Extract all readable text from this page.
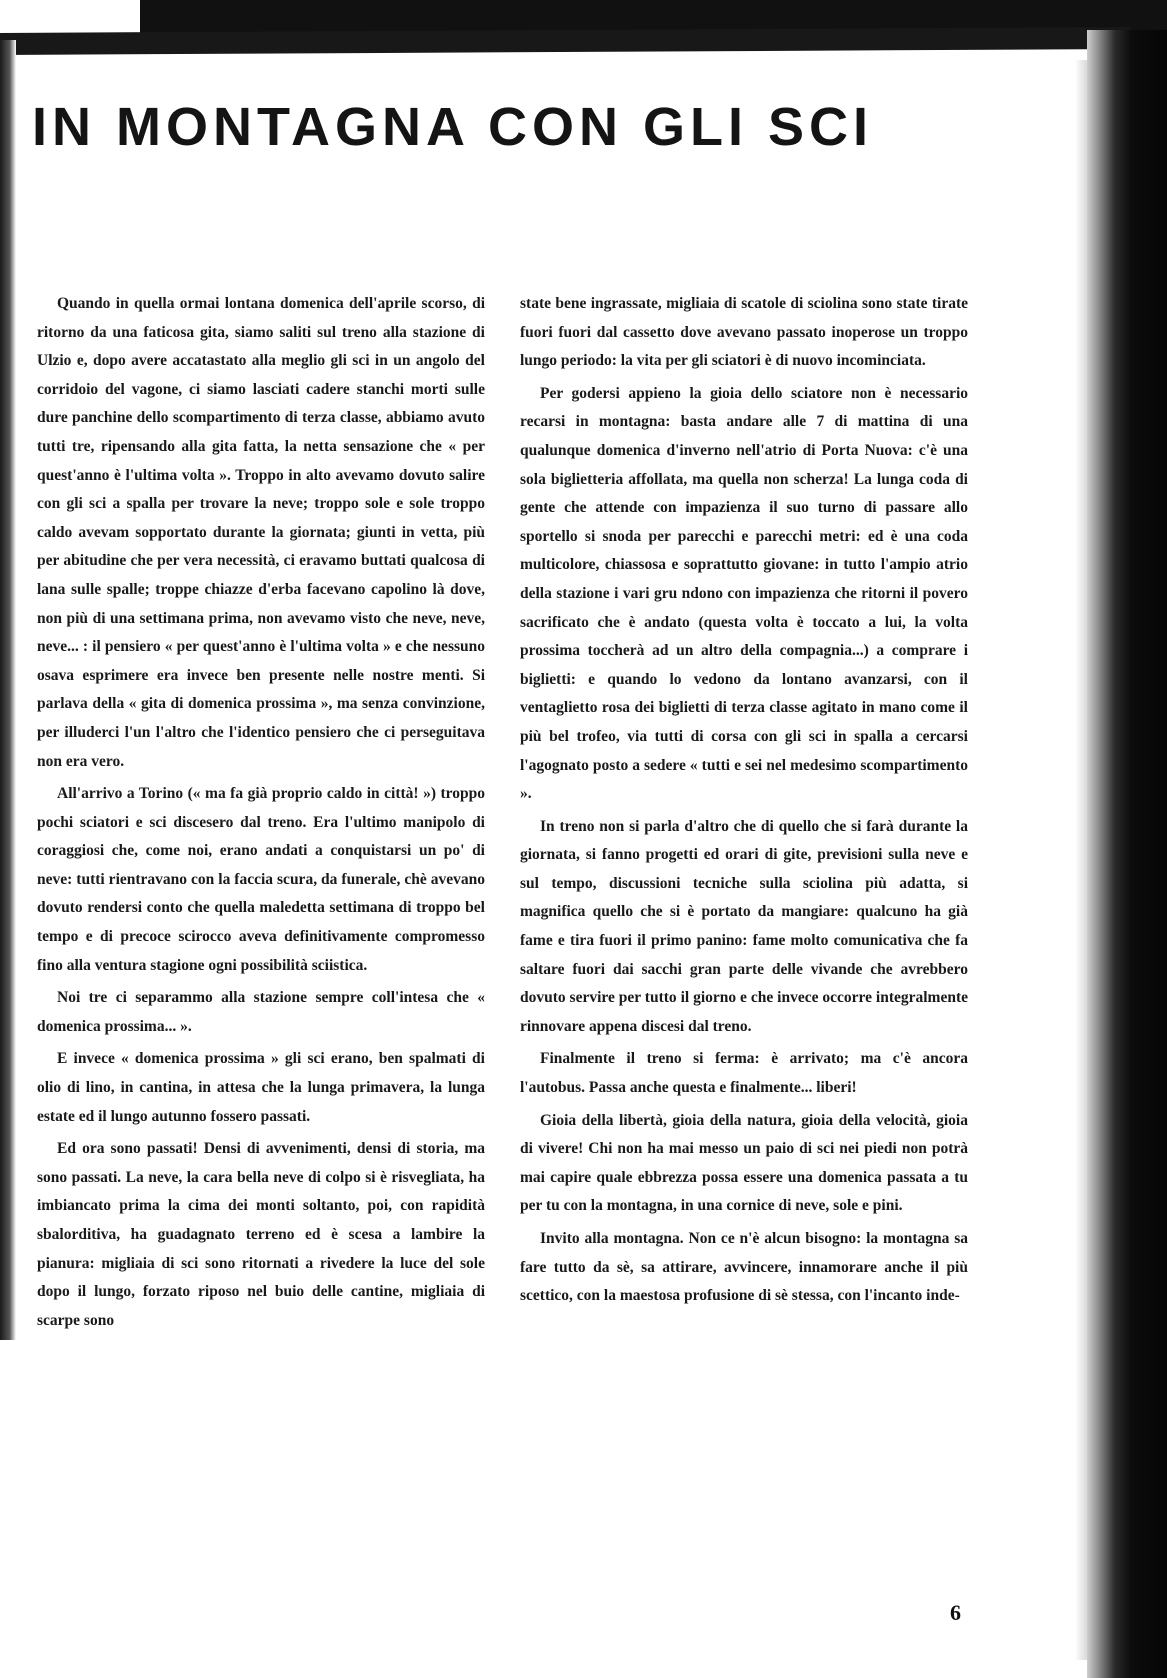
IN MONTAGNA CON GLI SCI

Quando in quella ormai lontana domenica dell'aprile scorso, di ritorno da una faticosa gita, siamo saliti sul treno alla stazione di Ulzio e, dopo avere accatastato alla meglio gli sci in un angolo del corridoio del vagone, ci siamo lasciati cadere stanchi morti sulle dure panchine dello scompartimento di terza classe, abbiamo avuto tutti tre, ripensando alla gita fatta, la netta sensazione che « per quest'anno è l'ultima volta ». Troppo in alto avevamo dovuto salire con gli sci a spalla per trovare la neve; troppo sole e sole troppo caldo avevam sopportato durante la giornata; giunti in vetta, più per abitudine che per vera necessità, ci eravamo buttati qualcosa di lana sulle spalle; troppe chiazze d'erba facevano capolino là dove, non più di una settimana prima, non avevamo visto che neve, neve, neve... : il pensiero « per quest'anno è l'ultima volta » e che nessuno osava esprimere era invece ben presente nelle nostre menti. Si parlava della « gita di domenica prossima », ma senza convinzione, per illuderci l'un l'altro che l'identico pensiero che ci perseguitava non era vero.

All'arrivo a Torino (« ma fa già proprio caldo in città! ») troppo pochi sciatori e sci discesero dal treno. Era l'ultimo manipolo di coraggiosi che, come noi, erano andati a conquistarsi un po' di neve: tutti rientravano con la faccia scura, da funerale, chè avevano dovuto rendersi conto che quella maledetta settimana di troppo bel tempo e di precoce scirocco aveva definitivamente compromesso fino alla ventura stagione ogni possibilità sciistica.

Noi tre ci separammo alla stazione sempre coll'intesa che « domenica prossima... ».

E invece « domenica prossima » gli sci erano, ben spalmati di olio di lino, in cantina, in attesa che la lunga primavera, la lunga estate ed il lungo autunno fossero passati.

Ed ora sono passati! Densi di avvenimenti, densi di storia, ma sono passati. La neve, la cara bella neve di colpo si è risvegliata, ha imbiancato prima la cima dei monti soltanto, poi, con rapidità sbalorditiva, ha guadagnato terreno ed è scesa a lambire la pianura: migliaia di sci sono ritornati a rivedere la luce del sole dopo il lungo, forzato riposo nel buio delle cantine, migliaia di scarpe sono

state bene ingrassate, migliaia di scatole di sciolina sono state tirate fuori fuori dal cassetto dove avevano passato inoperose un troppo lungo periodo: la vita per gli sciatori è di nuovo incominciata.

Per godersi appieno la gioia dello sciatore non è necessario recarsi in montagna: basta andare alle 7 di mattina di una qualunque domenica d'inverno nell'atrio di Porta Nuova: c'è una sola biglietteria affollata, ma quella non scherza! La lunga coda di gente che attende con impazienza il suo turno di passare allo sportello si snoda per parecchi e parecchi metri: ed è una coda multicolore, chiassosa e soprattutto giovane: in tutto l'ampio atrio della stazione i vari gru ndono con impazienza che ritorni il povero sacrificato che è andato (questa volta è toccato a lui, la volta prossima toccherà ad un altro della compagnia...) a comprare i biglietti: e quando lo vedono da lontano avanzarsi, con il ventaglietto rosa dei biglietti di terza classe agitato in mano come il più bel trofeo, via tutti di corsa con gli sci in spalla a cercarsi l'agognato posto a sedere « tutti e sei nel medesimo scompartimento ».

In treno non si parla d'altro che di quello che si farà durante la giornata, si fanno progetti ed orari di gite, previsioni sulla neve e sul tempo, discussioni tecniche sulla sciolina più adatta, si magnifica quello che si è portato da mangiare: qualcuno ha già fame e tira fuori il primo panino: fame molto comunicativa che fa saltare fuori dai sacchi gran parte delle vivande che avrebbero dovuto servire per tutto il giorno e che invece occorre integralmente rinnovare appena discesi dal treno.

Finalmente il treno si ferma: è arrivato; ma c'è ancora l'autobus. Passa anche questa e finalmente... liberi!

Gioia della libertà, gioia della natura, gioia della velocità, gioia di vivere! Chi non ha mai messo un paio di sci nei piedi non potrà mai capire quale ebbrezza possa essere una domenica passata a tu per tu con la montagna, in una cornice di neve, sole e pini.

Invito alla montagna. Non ce n'è alcun bisogno: la montagna sa fare tutto da sè, sa attirare, avvincere, innamorare anche il più scettico, con la maestosa profusione di sè stessa, con l'incanto inde-

6
